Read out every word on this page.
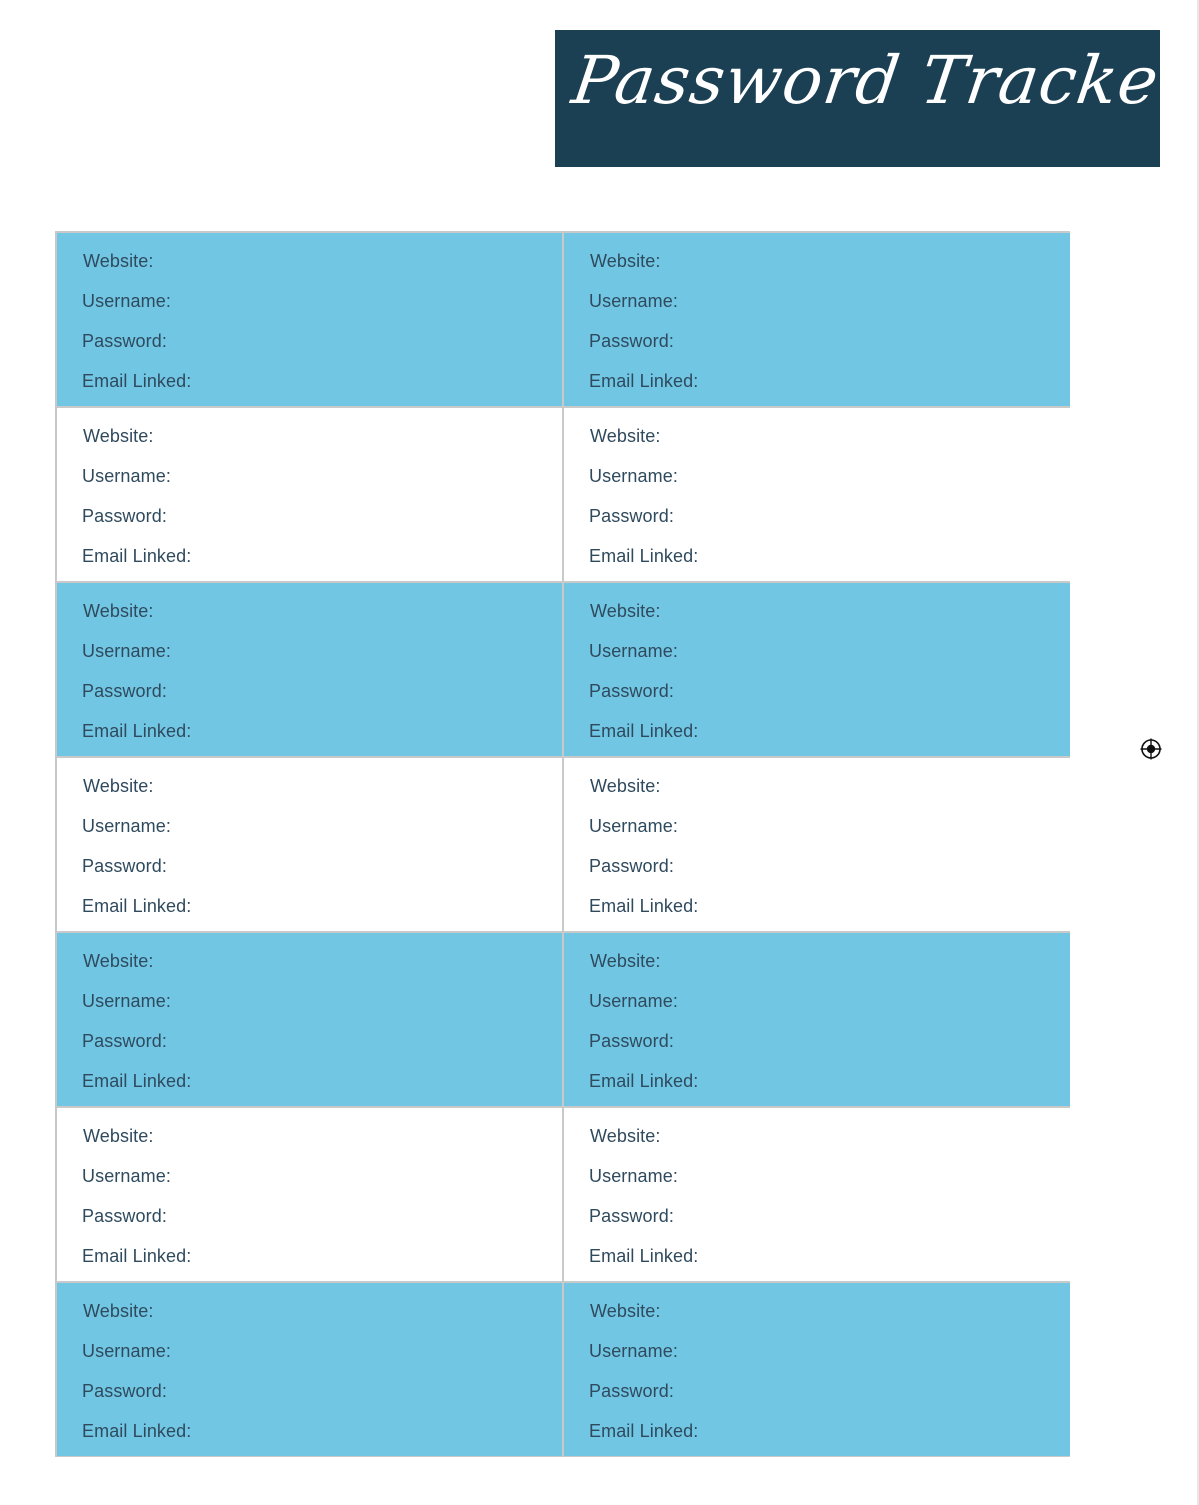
Password Tracker
Website:
Username:
Password:
Email Linked:
Website:
Username:
Password:
Email Linked:
Website:
Username:
Password:
Email Linked:
Website:
Username:
Password:
Email Linked:
Website:
Username:
Password:
Email Linked:
Website:
Username:
Password:
Email Linked:
Website:
Username:
Password:
Email Linked:
Website:
Username:
Password:
Email Linked:
Website:
Username:
Password:
Email Linked:
Website:
Username:
Password:
Email Linked:
Website:
Username:
Password:
Email Linked:
Website:
Username:
Password:
Email Linked:
Website:
Username:
Password:
Email Linked:
Website:
Username:
Password:
Email Linked:
